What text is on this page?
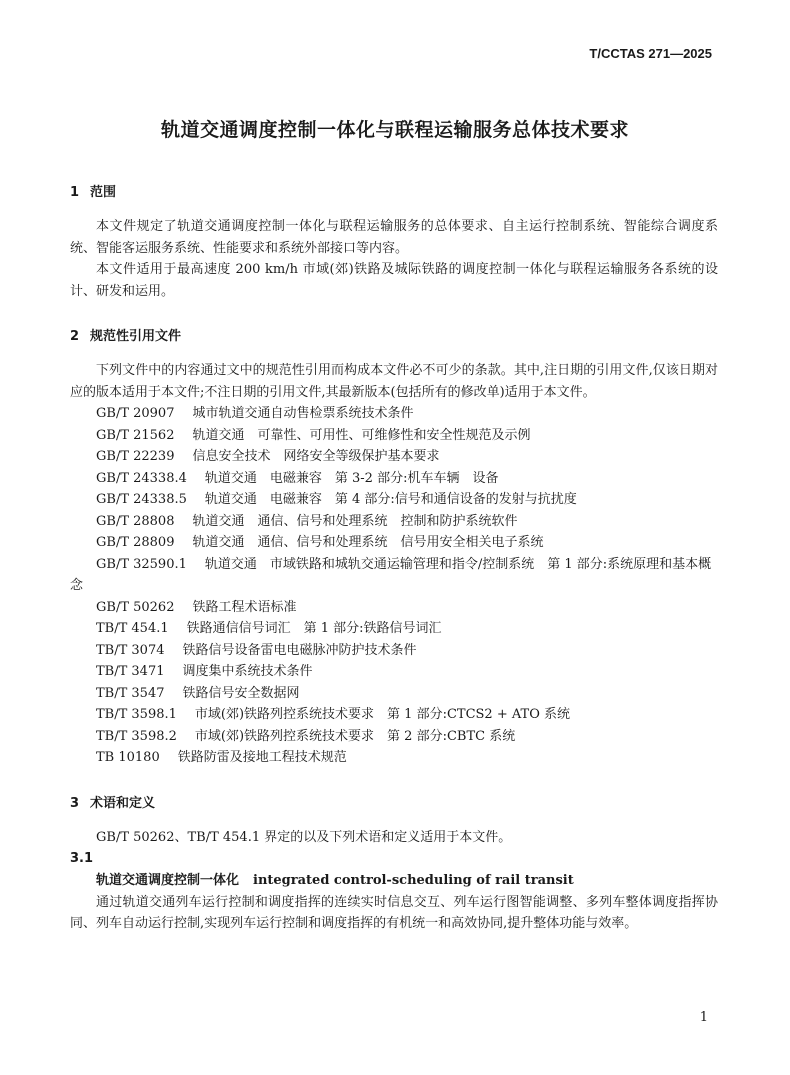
T/CCTAS 271—2025
轨道交通调度控制一体化与联程运输服务总体技术要求
1 范围

本文件规定了轨道交通调度控制一体化与联程运输服务的总体要求、自主运行控制系统、智能综合调度系统、智能客运服务系统、性能要求和系统外部接口等内容。

本文件适用于最高速度 200 km/h 市域(郊)铁路及城际铁路的调度控制一体化与联程运输服务各系统的设计、研发和运用。

2 规范性引用文件

下列文件中的内容通过文中的规范性引用而构成本文件必不可少的条款。其中,注日期的引用文件,仅该日期对应的版本适用于本文件;不注日期的引用文件,其最新版本(包括所有的修改单)适用于本文件。

GB/T 20907 城市轨道交通自动售检票系统技术条件
GB/T 21562 轨道交通　可靠性、可用性、可维修性和安全性规范及示例
GB/T 22239 信息安全技术　网络安全等级保护基本要求
GB/T 24338.4 轨道交通　电磁兼容　第 3-2 部分:机车车辆　设备
GB/T 24338.5 轨道交通　电磁兼容　第 4 部分:信号和通信设备的发射与抗扰度
GB/T 28808 轨道交通　通信、信号和处理系统　控制和防护系统软件
GB/T 28809 轨道交通　通信、信号和处理系统　信号用安全相关电子系统
GB/T 32590.1 轨道交通　市域铁路和城轨交通运输管理和指令/控制系统　第 1 部分:系统原理和基本概念
GB/T 50262 铁路工程术语标准
TB/T 454.1 铁路通信信号词汇　第 1 部分:铁路信号词汇
TB/T 3074 铁路信号设备雷电电磁脉冲防护技术条件
TB/T 3471 调度集中系统技术条件
TB/T 3547 铁路信号安全数据网
TB/T 3598.1 市域(郊)铁路列控系统技术要求　第 1 部分:CTCS2 + ATO 系统
TB/T 3598.2 市域(郊)铁路列控系统技术要求　第 2 部分:CBTC 系统
TB 10180 铁路防雷及接地工程技术规范
3 术语和定义

GB/T 50262、TB/T 454.1 界定的以及下列术语和定义适用于本文件。

3.1

轨道交通调度控制一体化 integrated control-scheduling of rail transit

通过轨道交通列车运行控制和调度指挥的连续实时信息交互、列车运行图智能调整、多列车整体调度指挥协同、列车自动运行控制,实现列车运行控制和调度指挥的有机统一和高效协同,提升整体功能与效率。

1
